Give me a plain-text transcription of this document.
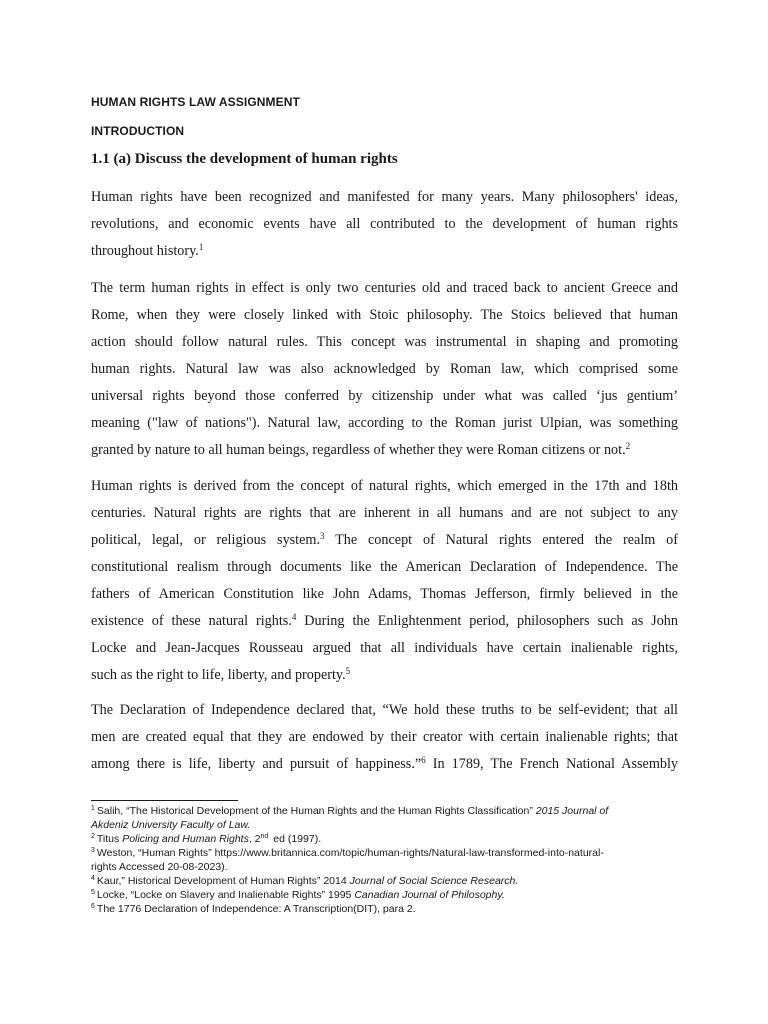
HUMAN RIGHTS LAW ASSIGNMENT
INTRODUCTION
1.1 (a) Discuss the development of human rights
Human rights have been recognized and manifested for many years. Many philosophers' ideas,
revolutions, and economic events have all contributed to the development of human rights
throughout history.$^1$
The term human rights in effect is only two centuries old and traced back to ancient Greece and
Rome, when they were closely linked with Stoic philosophy. The Stoics believed that human
action should follow natural rules. This concept was instrumental in shaping and promoting
human rights. Natural law was also acknowledged by Roman law, which comprised some
universal rights beyond those conferred by citizenship under what was called ‘jus gentium’
meaning ("law of nations"). Natural law, according to the Roman jurist Ulpian, was something
granted by nature to all human beings, regardless of whether they were Roman citizens or not.$^2$
Human rights is derived from the concept of natural rights, which emerged in the 17th and 18th
centuries. Natural rights are rights that are inherent in all humans and are not subject to any
political, legal, or religious system.$^3$ The concept of Natural rights entered the realm of
constitutional realism through documents like the American Declaration of Independence. The
fathers of American Constitution like John Adams, Thomas Jefferson, firmly believed in the
existence of these natural rights.$^4$ During the Enlightenment period, philosophers such as John
Locke and Jean-Jacques Rousseau argued that all individuals have certain inalienable rights,
such as the right to life, liberty, and property.$^5$
The Declaration of Independence declared that, “We hold these truths to be self-evident; that all
men are created equal that they are endowed by their creator with certain inalienable rights; that
among there is life, liberty and pursuit of happiness.”$^6$ In 1789, The French National Assembly
$^1$ Salih, “The Historical Development of the Human Rights and the Human Rights Classification” 2015 Journal of
Akdeniz University Faculty of Law.
$^2$ Titus Policing and Human Rights, 2nd ed (1997).
$^3$ Weston, “Human Rights” https://www.britannica.com/topic/human-rights/Natural-law-transformed-into-natural-
rights Accessed 20-08-2023).
$^4$ Kaur,” Historical Development of Human Rights” 2014 Journal of Social Science Research.
$^5$ Locke, “Locke on Slavery and Inalienable Rights” 1995 Canadian Journal of Philosophy.
$^6$ The 1776 Declaration of Independence: A Transcription(DIT), para 2.
